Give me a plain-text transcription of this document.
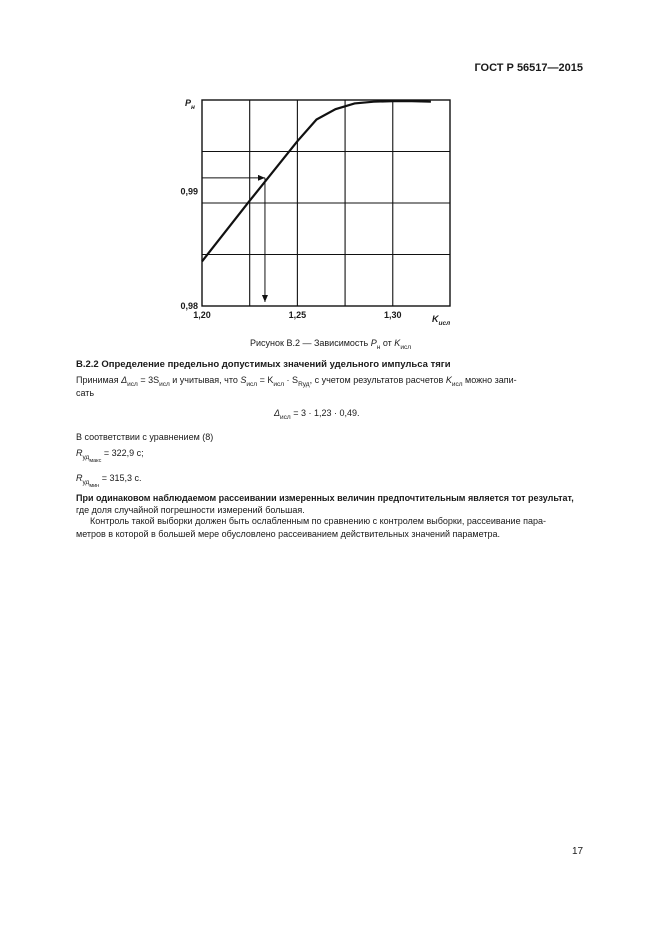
ГОСТ Р 56517—2015
1,20	1,25	1,30
0,98
0,99
$P_н$
$K_{исл}$
Рисунок В.2 — Зависимость $P_н$ от $K_{исл}$
В.2.2 Определение предельно допустимых значений удельного импульса тяги
Принимая $\Delta_{исл} = 3S_{исл}$ и учитывая, что $S_{исл} = K_{исл} \cdot S_{Rуд}$, с учетом результатов расчетов $K_{исл}$ можно запи-
сать
$\Delta_{исл} = 3 \cdot 1,23 \cdot 0,49$.
В соответствии с уравнением (8)
$R_{удмакс} = 322,9$ с;
$R_{удмин} = 315,3$ с.
При одинаковом наблюдаемом рассеивании измеренных величин предпочтительным является тот результат,
где доля случайной погрешности измерений большая.
Контроль такой выборки должен быть ослабленным по сравнению с контролем выборки, рассеивание пара-
метров в которой в большей мере обусловлено рассеиванием действительных значений параметра.
17
